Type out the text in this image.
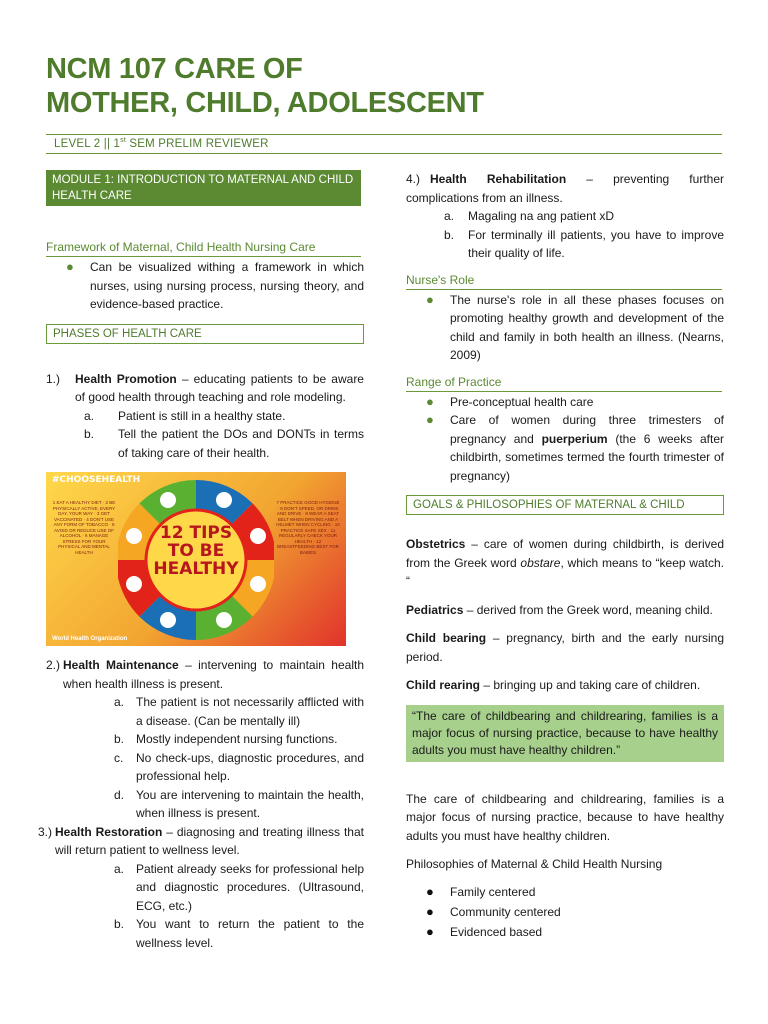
NCM 107 CARE OF
MOTHER, CHILD, ADOLESCENT
LEVEL 2 || 1st SEM PRELIM REVIEWER
MODULE 1: INTRODUCTION TO MATERNAL AND CHILD HEALTH CARE
Framework of Maternal, Child Health Nursing Care
● Can be visualized withing a framework in which nurses, using nursing process, nursing theory, and evidence-based practice.
PHASES OF HEALTH CARE
1.)	Health Promotion – educating patients to be aware of good health through teaching and role modeling.
a. Patient is still in a healthy state.
b. Tell the patient the DOs and DONTs in terms of taking care of their health.
#CHOOSEHEALTH
1 EAT A HEALTHY DIET · 2 BE PHYSICALLY ACTIVE, EVERY DAY, YOUR WAY · 3 GET VACCINATED · 4 DON'T USE ANY FORM OF TOBACCO · 5 AVOID OR REDUCE USE OF ALCOHOL · 6 MANAGE STRESS FOR YOUR PHYSICAL AND MENTAL HEALTH
7 PRACTICE GOOD HYGIENE · 8 DON'T SPEED, OR DRINK AND DRIVE · 9 WEAR A SEAT BELT WHEN DRIVING AND A HELMET WHEN CYCLING · 10 PRACTICE SAFE SEX · 11 REGULARLY CHECK YOUR HEALTH · 12 BREASTFEEDING BEST FOR BABIES
12 TIPS
TO BE
HEALTHY
World Health Organization
2.) Health Maintenance – intervening to maintain health when health illness is present.
a. The patient is not necessarily afflicted with a disease. (Can be mentally ill)
b. Mostly independent nursing functions.
c. No check-ups, diagnostic procedures, and professional help.
d. You are intervening to maintain the health, when illness is present.
3.) Health Restoration – diagnosing and treating illness that will return patient to wellness level.
a. Patient already seeks for professional help and diagnostic procedures. (Ultrasound, ECG, etc.)
b. You want to return the patient to the wellness level.
4.) Health Rehabilitation – preventing further complications from an illness.
a. Magaling na ang patient xD
b. For terminally ill patients, you have to improve their quality of life.
Nurse's Role
● The nurse's role in all these phases focuses on promoting healthy growth and development of the child and family in both health an illness. (Nearns, 2009)
Range of Practice
● Pre-conceptual health care
● Care of women during three trimesters of pregnancy and puerperium (the 6 weeks after childbirth, sometimes termed the fourth trimester of pregnancy)
GOALS & PHILOSOPHIES OF MATERNAL & CHILD

Obstetrics – care of women during childbirth, is derived from the Greek word obstare, which means to “keep watch. “

Pediatrics – derived from the Greek word, meaning child.

Child bearing – pregnancy, birth and the early nursing period.

Child rearing – bringing up and taking care of children.

“The care of childbearing and childrearing, families is a major focus of nursing practice, because to have healthy adults you must have healthy children.”

The care of childbearing and childrearing, families is a major focus of nursing practice, because to have healthy adults you must have healthy children.

Philosophies of Maternal & Child Health Nursing

● Family centered
● Community centered
● Evidenced based
